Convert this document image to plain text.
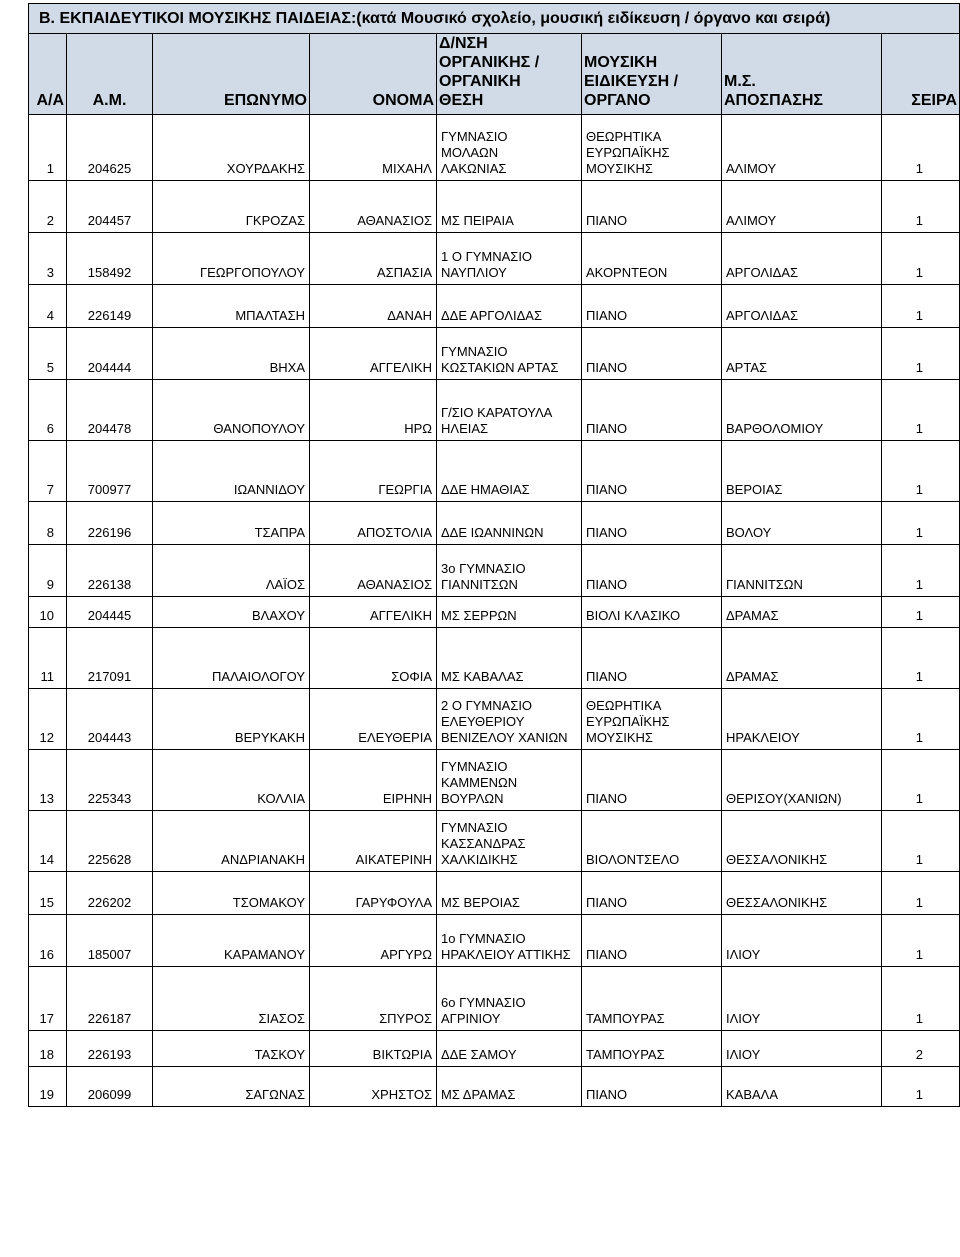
Β. ΕΚΠΑΙΔΕΥΤΙΚΟΙ ΜΟΥΣΙΚΗΣ ΠΑΙΔΕΙΑΣ:(κατά Μουσικό σχολείο, μουσική ειδίκευση / όργανο και σειρά)							
Α/Α	Α.Μ.	ΕΠΩΝΥΜΟ	ΟΝΟΜΑ	Δ/ΝΣΗ
ΟΡΓΑΝΙΚΗΣ /
ΟΡΓΑΝΙΚΗ
ΘΕΣΗ	ΜΟΥΣΙΚΗ
ΕΙΔΙΚΕΥΣΗ /
ΟΡΓΑΝΟ	Μ.Σ.
ΑΠΟΣΠΑΣΗΣ	ΣΕΙΡΑ
1	204625	ΧΟΥΡΔΑΚΗΣ	ΜΙΧΑΗΛ	ΓΥΜΝΑΣΙΟ
ΜΟΛΑΩΝ
ΛΑΚΩΝΙΑΣ	ΘΕΩΡΗΤΙΚΑ
ΕΥΡΩΠΑΪΚΗΣ
ΜΟΥΣΙΚΗΣ	ΑΛΙΜΟΥ	1
2	204457	ΓΚΡΟΖΑΣ	ΑΘΑΝΑΣΙΟΣ	ΜΣ ΠΕΙΡΑΙΑ	ΠΙΑΝΟ	ΑΛΙΜΟΥ	1
3	158492	ΓΕΩΡΓΟΠΟΥΛΟΥ	ΑΣΠΑΣΙΑ	1 Ο ΓΥΜΝΑΣΙΟ
ΝΑΥΠΛΙΟΥ	ΑΚΟΡΝΤΕΟΝ	ΑΡΓΟΛΙΔΑΣ	1
4	226149	ΜΠΑΛΤΑΣΗ	ΔΑΝΑΗ	ΔΔΕ ΑΡΓΟΛΙΔΑΣ	ΠΙΑΝΟ	ΑΡΓΟΛΙΔΑΣ	1
5	204444	ΒΗΧΑ	ΑΓΓΕΛΙΚΗ	ΓΥΜΝΑΣΙΟ
ΚΩΣΤΑΚΙΩΝ ΑΡΤΑΣ	ΠΙΑΝΟ	ΑΡΤΑΣ	1
6	204478	ΘΑΝΟΠΟΥΛΟΥ	ΗΡΩ	Γ/ΣΙΟ ΚΑΡΑΤΟΥΛΑ
ΗΛΕΙΑΣ	ΠΙΑΝΟ	ΒΑΡΘΟΛΟΜΙΟΥ	1
7	700977	ΙΩΑΝΝΙΔΟΥ	ΓΕΩΡΓΙΑ	ΔΔΕ ΗΜΑΘΙΑΣ	ΠΙΑΝΟ	ΒΕΡΟΙΑΣ	1
8	226196	ΤΣΑΠΡΑ	ΑΠΟΣΤΟΛΙΑ	ΔΔΕ ΙΩΑΝΝΙΝΩΝ	ΠΙΑΝΟ	ΒΟΛΟΥ	1
9	226138	ΛΑΪΟΣ	ΑΘΑΝΑΣΙΟΣ	3ο ΓΥΜΝΑΣΙΟ
ΓΙΑΝΝΙΤΣΩΝ	ΠΙΑΝΟ	ΓΙΑΝΝΙΤΣΩΝ	1
10	204445	ΒΛΑΧΟΥ	ΑΓΓΕΛΙΚΗ	ΜΣ ΣΕΡΡΩΝ	ΒΙΟΛΙ ΚΛΑΣΙΚΟ	ΔΡΑΜΑΣ	1
11	217091	ΠΑΛΑΙΟΛΟΓΟΥ	ΣΟΦΙΑ	ΜΣ ΚΑΒΑΛΑΣ	ΠΙΑΝΟ	ΔΡΑΜΑΣ	1
12	204443	ΒΕΡΥΚΑΚΗ	ΕΛΕΥΘΕΡΙΑ	2 Ο ΓΥΜΝΑΣΙΟ
ΕΛΕΥΘΕΡΙΟΥ
ΒΕΝΙΖΕΛΟΥ ΧΑΝΙΩΝ	ΘΕΩΡΗΤΙΚΑ
ΕΥΡΩΠΑΪΚΗΣ
ΜΟΥΣΙΚΗΣ	ΗΡΑΚΛΕΙΟΥ	1
13	225343	ΚΟΛΛΙΑ	ΕΙΡΗΝΗ	ΓΥΜΝΑΣΙΟ
ΚΑΜΜΕΝΩΝ
ΒΟΥΡΛΩΝ	ΠΙΑΝΟ	ΘΕΡΙΣΟΥ(ΧΑΝΙΩΝ)	1
14	225628	ΑΝΔΡΙΑΝΑΚΗ	ΑΙΚΑΤΕΡΙΝΗ	ΓΥΜΝΑΣΙΟ
ΚΑΣΣΑΝΔΡΑΣ
ΧΑΛΚΙΔΙΚΗΣ	ΒΙΟΛΟΝΤΣΕΛΟ	ΘΕΣΣΑΛΟΝΙΚΗΣ	1
15	226202	ΤΣΟΜΑΚΟΥ	ΓΑΡΥΦΟΥΛΑ	ΜΣ ΒΕΡΟΙΑΣ	ΠΙΑΝΟ	ΘΕΣΣΑΛΟΝΙΚΗΣ	1
16	185007	ΚΑΡΑΜΑΝΟΥ	ΑΡΓΥΡΩ	1ο ΓΥΜΝΑΣΙΟ
ΗΡΑΚΛΕΙΟΥ ΑΤΤΙΚΗΣ	ΠΙΑΝΟ	ΙΛΙΟΥ	1
17	226187	ΣΙΑΣΟΣ	ΣΠΥΡΟΣ	6ο ΓΥΜΝΑΣΙΟ
ΑΓΡΙΝΙΟΥ	ΤΑΜΠΟΥΡΑΣ	ΙΛΙΟΥ	1
18	226193	ΤΑΣΚΟΥ	ΒΙΚΤΩΡΙΑ	ΔΔΕ ΣΑΜΟΥ	ΤΑΜΠΟΥΡΑΣ	ΙΛΙΟΥ	2
19	206099	ΣΑΓΩΝΑΣ	ΧΡΗΣΤΟΣ	ΜΣ ΔΡΑΜΑΣ	ΠΙΑΝΟ	ΚΑΒΑΛΑ	1
